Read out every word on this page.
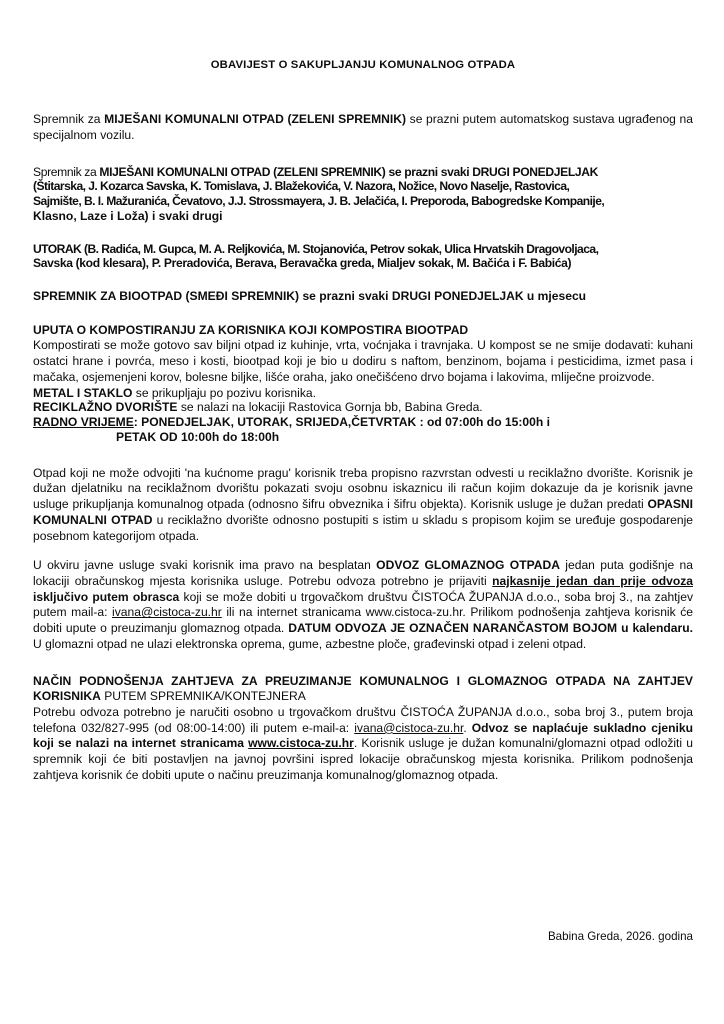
OBAVIJEST O SAKUPLJANJU KOMUNALNOG OTPADA

Spremnik za MIJEŠANI KOMUNALNI OTPAD (ZELENI SPREMNIK) se prazni putem automatskog sustava ugrađenog na specijalnom vozilu.

Spremnik za MIJEŠANI KOMUNALNI OTPAD (ZELENI SPREMNIK) se prazni svaki DRUGI PONEDJELJAK
(Štitarska, J. Kozarca Savska, K. Tomislava, J. Blažekovića, V. Nazora, Nožice, Novo Naselje, Rastovica,
Sajmište, B. I. Mažuranića, Čevatovo, J.J. Strossmayera, J. B. Jelačića, I. Preporoda, Babogredske Kompanije,
Klasno, Laze i Loža) i svaki drugi

UTORAK (B. Radića, M. Gupca, M. A. Reljkovića, M. Stojanovića, Petrov sokak, Ulica Hrvatskih Dragovoljaca,
Savska (kod klesara), P. Preradovića, Berava, Beravačka greda, Mialjev sokak, M. Bačića i F. Babića)

SPREMNIK ZA BIOOTPAD (SMEĐI SPREMNIK) se prazni svaki DRUGI PONEDJELJAK u mjesecu

UPUTA O KOMPOSTIRANJU ZA KORISNIKA KOJI KOMPOSTIRA BIOOTPAD

Kompostirati se može gotovo sav biljni otpad iz kuhinje, vrta, voćnjaka i travnjaka. U kompost se ne smije dodavati: kuhani ostatci hrane i povrća, meso i kosti, biootpad koji je bio u dodiru s naftom, benzinom, bojama i pesticidima, izmet pasa i mačaka, osjemenjeni korov, bolesne biljke, lišće oraha, jako onečišćeno drvo bojama i lakovima, mliječne proizvode.

METAL I STAKLO se prikupljaju po pozivu korisnika.

RECIKLAŽNO DVORIŠTE se nalazi na lokaciji Rastovica Gornja bb, Babina Greda.

RADNO VRIJEME: PONEDJELJAK, UTORAK, SRIJEDA,ČETVRTAK : od 07:00h do 15:00h i
PETAK OD 10:00h do 18:00h

Otpad koji ne može odvojiti 'na kućnome pragu' korisnik treba propisno razvrstan odvesti u reciklažno dvorište. Korisnik je dužan djelatniku na reciklažnom dvorištu pokazati svoju osobnu iskaznicu ili račun kojim dokazuje da je korisnik javne usluge prikupljanja komunalnog otpada (odnosno šifru obveznika i šifru objekta). Korisnik usluge je dužan predati OPASNI KOMUNALNI OTPAD u reciklažno dvorište odnosno postupiti s istim u skladu s propisom kojim se uređuje gospodarenje posebnom kategorijom otpada.

U okviru javne usluge svaki korisnik ima pravo na besplatan ODVOZ GLOMAZNOG OTPADA jedan puta godišnje na lokaciji obračunskog mjesta korisnika usluge. Potrebu odvoza potrebno je prijaviti najkasnije jedan dan prije odvoza isključivo putem obrasca koji se može dobiti u trgovačkom društvu ČISTOĆA ŽUPANJA d.o.o., soba broj 3., na zahtjev putem mail-a: ivana@cistoca-zu.hr ili na internet stranicama www.cistoca-zu.hr. Prilikom podnošenja zahtjeva korisnik će dobiti upute o preuzimanju glomaznog otpada. DATUM ODVOZA JE OZNAČEN NARANČASTOM BOJOM u kalendaru. U glomazni otpad ne ulazi elektronska oprema, gume, azbestne ploče, građevinski otpad i zeleni otpad.

NAČIN PODNOŠENJA ZAHTJEVA ZA PREUZIMANJE KOMUNALNOG I GLOMAZNOG OTPADA NA ZAHTJEV KORISNIKA PUTEM SPREMNIKA/KONTEJNERA

Potrebu odvoza potrebno je naručiti osobno u trgovačkom društvu ČISTOĆA ŽUPANJA d.o.o., soba broj 3., putem broja telefona 032/827-995 (od 08:00-14:00) ili putem e-mail-a: ivana@cistoca-zu.hr. Odvoz se naplaćuje sukladno cjeniku koji se nalazi na internet stranicama www.cistoca-zu.hr. Korisnik usluge je dužan komunalni/glomazni otpad odložiti u spremnik koji će biti postavljen na javnoj površini ispred lokacije obračunskog mjesta korisnika. Prilikom podnošenja zahtjeva korisnik će dobiti upute o načinu preuzimanja komunalnog/glomaznog otpada.

Babina Greda, 2026. godina
